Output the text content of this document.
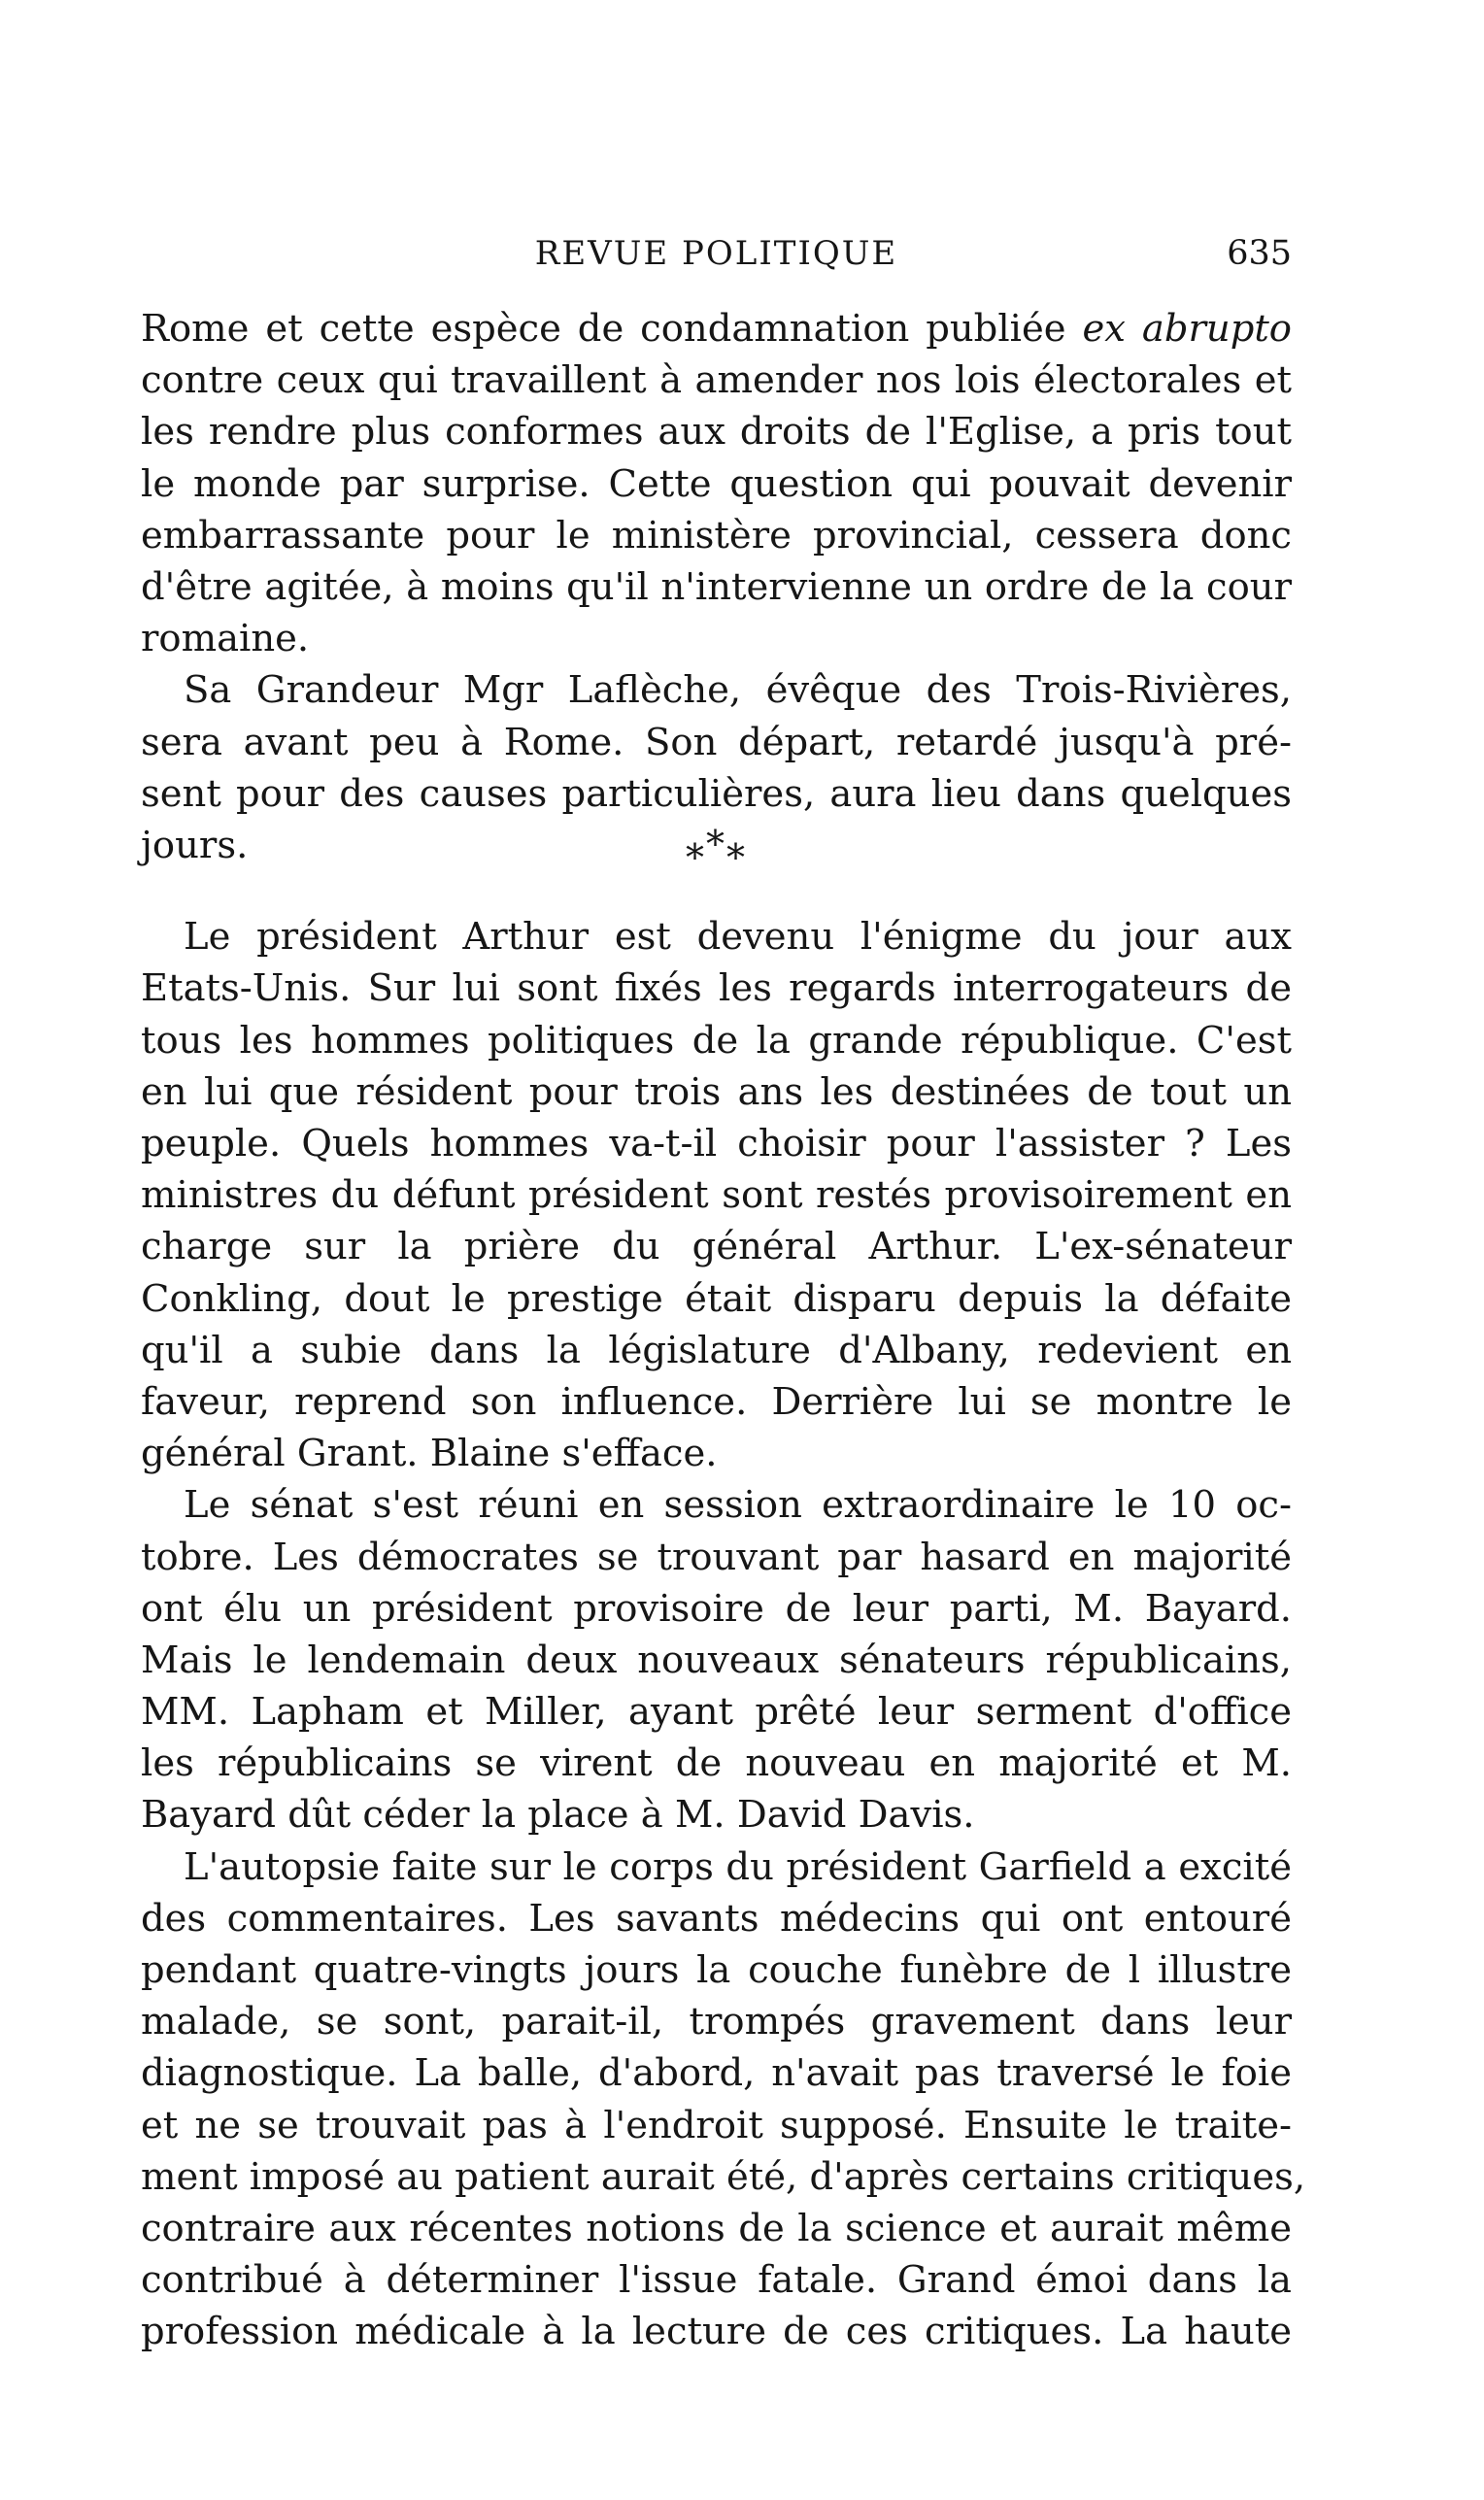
REVUE POLITIQUE	635
Rome et cette espèce de condamnation publiée ex abrupto
contre ceux qui travaillent à amender nos lois électorales et
les rendre plus conformes aux droits de l'Eglise, a pris tout
le monde par surprise. Cette question qui pouvait devenir
embarrassante pour le ministère provincial, cessera donc
d'être agitée, à moins qu'il n'intervienne un ordre de la cour
romaine.
Sa Grandeur Mgr Laflèche, évêque des Trois-Rivières,
sera avant peu à Rome. Son départ, retardé jusqu'à pré-
sent pour des causes particulières, aura lieu dans quelques
jours.	***
Le président Arthur est devenu l'énigme du jour aux
Etats-Unis. Sur lui sont fixés les regards interrogateurs de
tous les hommes politiques de la grande république. C'est
en lui que résident pour trois ans les destinées de tout un
peuple. Quels hommes va-t-il choisir pour l'assister ? Les
ministres du défunt président sont restés provisoirement en
charge sur la prière du général Arthur. L'ex-sénateur
Conkling, dout le prestige était disparu depuis la défaite
qu'il a subie dans la législature d'Albany, redevient en
faveur, reprend son influence. Derrière lui se montre le
général Grant. Blaine s'efface.
Le sénat s'est réuni en session extraordinaire le 10 oc-
tobre. Les démocrates se trouvant par hasard en majorité
ont élu un président provisoire de leur parti, M. Bayard.
Mais le lendemain deux nouveaux sénateurs républicains,
MM. Lapham et Miller, ayant prêté leur serment d'office
les républicains se virent de nouveau en majorité et M.
Bayard dût céder la place à M. David Davis.
L'autopsie faite sur le corps du président Garfield a excité
des commentaires. Les savants médecins qui ont entouré
pendant quatre-vingts jours la couche funèbre de l illustre
malade, se sont, parait-il, trompés gravement dans leur
diagnostique. La balle, d'abord, n'avait pas traversé le foie
et ne se trouvait pas à l'endroit supposé. Ensuite le traite-
ment imposé au patient aurait été, d'après certains critiques,
contraire aux récentes notions de la science et aurait même
contribué à déterminer l'issue fatale. Grand émoi dans la
profession médicale à la lecture de ces critiques. La haute
